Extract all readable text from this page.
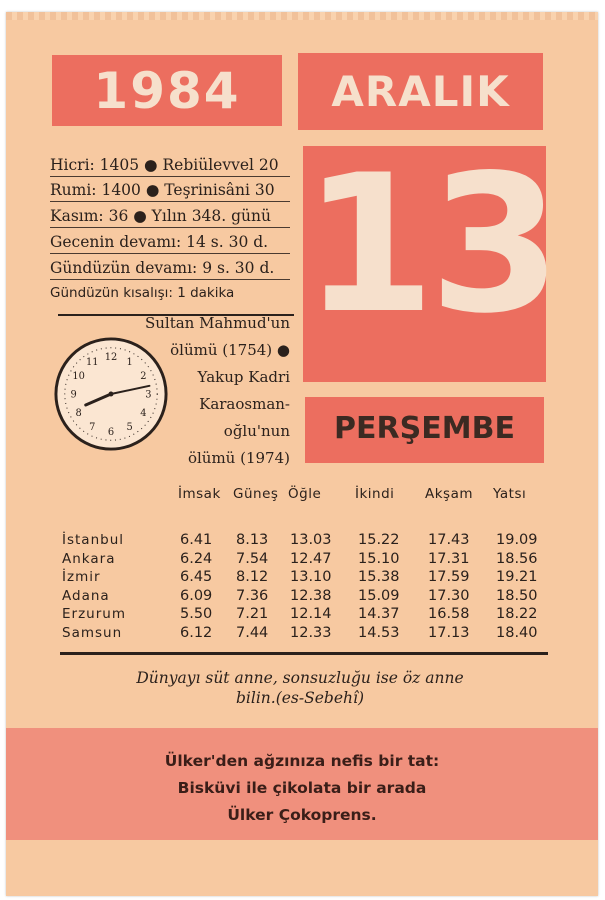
1984	ARALIK
13
PERŞEMBE
Hicri: 1405 ● Rebiülevvel 20
Rumi: 1400 ● Teşrinisâni 30
Kasım: 36 ● Yılın 348. günü
Gecenin devamı: 14 s. 30 d.
Gündüzün devamı: 9 s. 30 d.
Gündüzün kısalışı: 1 dakika
Sultan Mahmud'un
ölümü (1754) ●
Yakup Kadri
Karaosman-
oğlu'nun
ölümü (1974)
12 1
2
3
4
5
6
7
8
9
10
11
İmsak Güneş Öğle İkindi Akşam Yatsı
İstanbul	6.41 8.13 13.03 15.22 17.43 19.09
Ankara	6.24 7.54 12.47 15.10 17.31 18.56
İzmir	6.45 8.12 13.10 15.38 17.59 19.21
Adana	6.09 7.36 12.38 15.09 17.30 18.50
Erzurum	5.50 7.21 12.14 14.37 16.58 18.22
Samsun	6.12 7.44 12.33 14.53 17.13 18.40
Dünyayı süt anne, sonsuzluğu ise öz anne
bilin.(es-Sebehî)
Ülker'den ağzınıza nefis bir tat:
Bisküvi ile çikolata bir arada
Ülker Çokoprens.
